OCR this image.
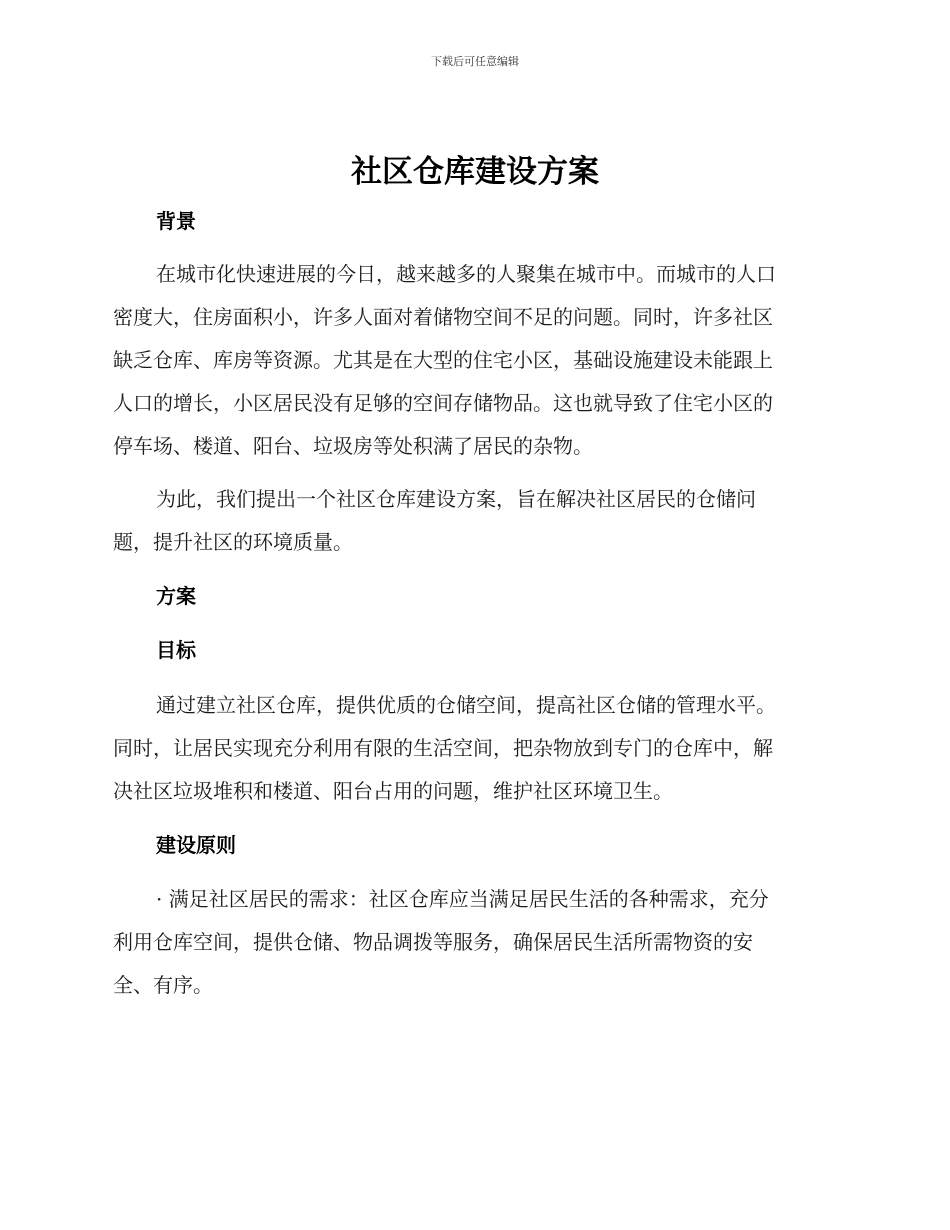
下载后可任意编辑
社区仓库建设方案
背景

在城市化快速进展的今日，越来越多的人聚集在城市中。而城市的人口
密度大，住房面积小，许多人面对着储物空间不足的问题。同时，许多社区
缺乏仓库、库房等资源。尤其是在大型的住宅小区，基础设施建设未能跟上
人口的增长，小区居民没有足够的空间存储物品。这也就导致了住宅小区的
停车场、楼道、阳台、垃圾房等处积满了居民的杂物。

为此，我们提出一个社区仓库建设方案，旨在解决社区居民的仓储问
题，提升社区的环境质量。

方案
目标

通过建立社区仓库，提供优质的仓储空间，提高社区仓储的管理水平。
同时，让居民实现充分利用有限的生活空间，把杂物放到专门的仓库中，解
决社区垃圾堆积和楼道、阳台占用的问题，维护社区环境卫生。

建设原则

· 满足社区居民的需求：社区仓库应当满足居民生活的各种需求，充分
利用仓库空间，提供仓储、物品调拨等服务，确保居民生活所需物资的安
全、有序。
